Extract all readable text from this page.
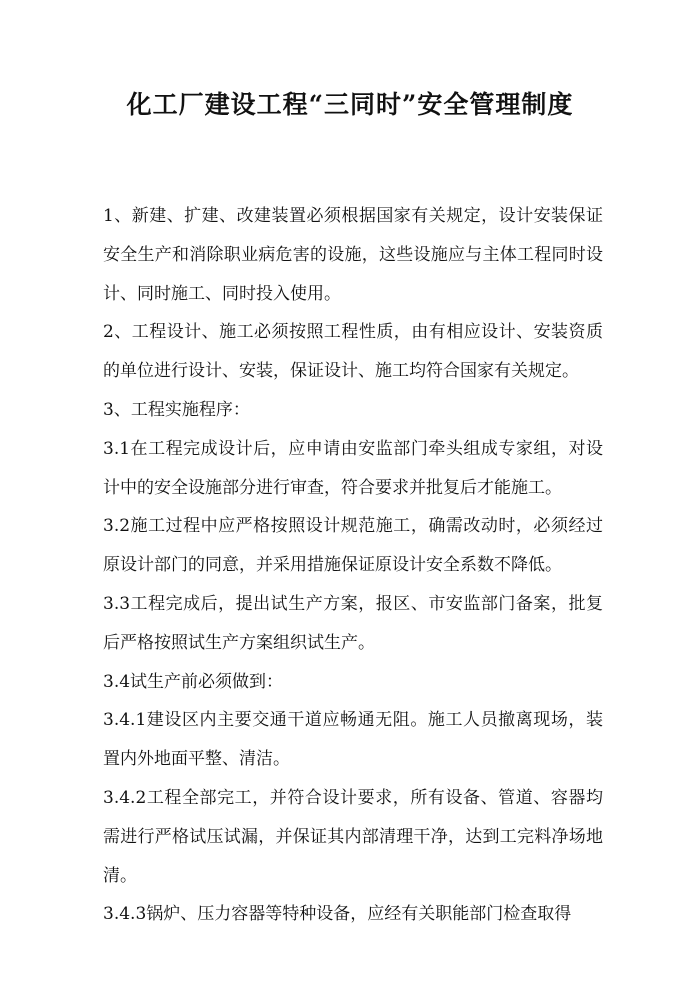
化工厂建设工程“三同时”安全管理制度

1、新建、扩建、改建装置必须根据国家有关规定，设计安装保证安全生产和消除职业病危害的设施，这些设施应与主体工程同时设计、同时施工、同时投入使用。

2、工程设计、施工必须按照工程性质，由有相应设计、安装资质的单位进行设计、安装，保证设计、施工均符合国家有关规定。

3、工程实施程序：

3.1在工程完成设计后，应申请由安监部门牵头组成专家组，对设计中的安全设施部分进行审查，符合要求并批复后才能施工。

3.2施工过程中应严格按照设计规范施工，确需改动时，必须经过原设计部门的同意，并采用措施保证原设计安全系数不降低。

3.3工程完成后，提出试生产方案，报区、市安监部门备案，批复后严格按照试生产方案组织试生产。

3.4试生产前必须做到：

3.4.1建设区内主要交通干道应畅通无阻。施工人员撤离现场，装置内外地面平整、清洁。

3.4.2工程全部完工，并符合设计要求，所有设备、管道、容器均需进行严格试压试漏，并保证其内部清理干净，达到工完料净场地清。

3.4.3锅炉、压力容器等特种设备，应经有关职能部门检查取得
